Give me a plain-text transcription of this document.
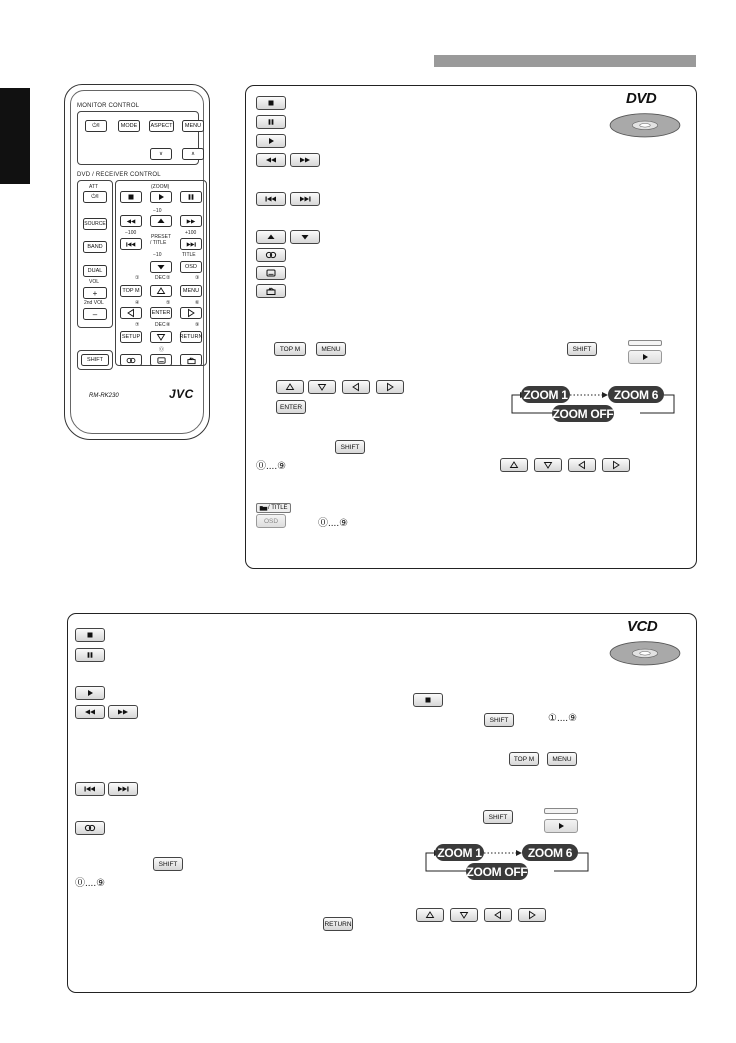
MONITOR CONTROL
⏻/I	MODE	ASPECT	MENU
∨	∧
DVD / RECEIVER CONTROL
ATT
⏻/I
SOURCE
BAND
DUAL
VOL
+
2nd VOL
–
(ZOOM)
−10
−100	+100
PRESET
/ TITLE
−10	TITLE
OSD
①	②	③
DEC
TOP M	MENU
④	⑤	⑥
ENTER
⑦	DEC ⑧	⑨
SETUP	RETURN
⓪
SHIFT
RM-RK230	JVC
DVD
TOP M	MENU
ENTER
SHIFT
⓪....⑨
/ TITLE
OSD	⓪....⑨
SHIFT
ZOOM 1	ZOOM 6
ZOOM OFF
VCD
SHIFT
⓪....⑨
RETURN
SHIFT	①....⑨
TOP M	MENU
SHIFT
ZOOM 1	ZOOM 6
ZOOM OFF
